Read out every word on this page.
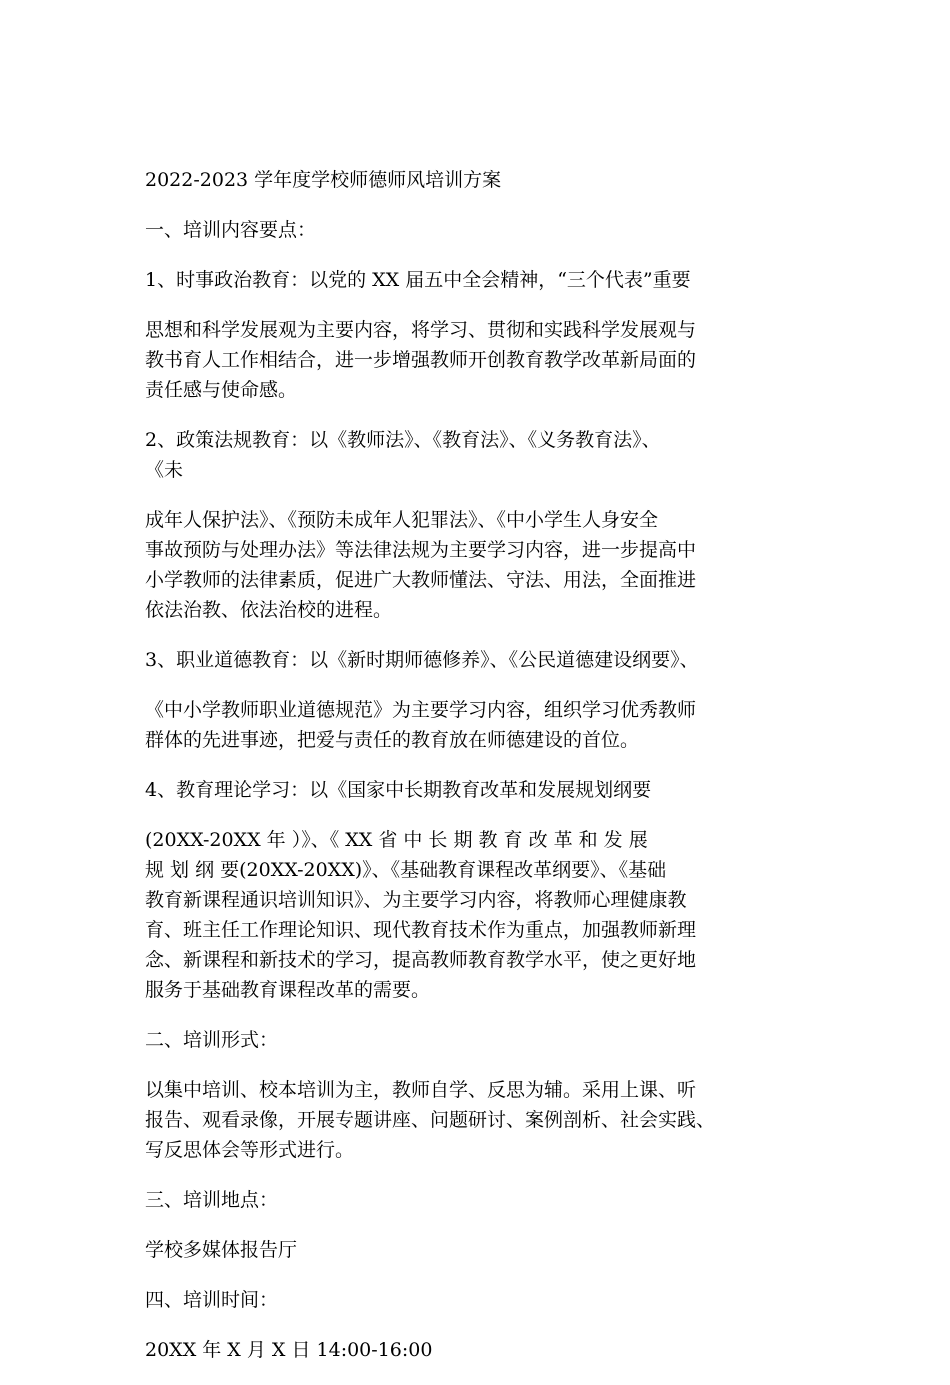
2022-2023 学年度学校师德师风培训方案

一、培训内容要点：

1、时事政治教育：以党的 XX 届五中全会精神，“三个代表”重要

思想和科学发展观为主要内容，将学习、贯彻和实践科学发展观与
教书育人工作相结合，进一步增强教师开创教育教学改革新局面的
责任感与使命感。

2、政策法规教育：以《教师法》、《教育法》、《义务教育法》、
《未

成年人保护法》、《预防未成年人犯罪法》、《中小学生人身安全
事故预防与处理办法》等法律法规为主要学习内容，进一步提高中
小学教师的法律素质，促进广大教师懂法、守法、用法，全面推进
依法治教、依法治校的进程。

3、职业道德教育：以《新时期师德修养》、《公民道德建设纲要》、

《中小学教师职业道德规范》为主要学习内容，组织学习优秀教师
群体的先进事迹，把爱与责任的教育放在师德建设的首位。

4、教育理论学习：以《国家中长期教育改革和发展规划纲要

(20XX-20XX 年 ）》、《 XX 省 中 长 期 教 育 改 革 和 发 展
规 划 纲 要(20XX-20XX)》、《基础教育课程改革纲要》、《基础
教育新课程通识培训知识》、为主要学习内容，将教师心理健康教
育、班主任工作理论知识、现代教育技术作为重点，加强教师新理
念、新课程和新技术的学习，提高教师教育教学水平，使之更好地
服务于基础教育课程改革的需要。

二、培训形式：

以集中培训、校本培训为主，教师自学、反思为辅。采用上课、听
报告、观看录像，开展专题讲座、问题研讨、案例剖析、社会实践、
写反思体会等形式进行。

三、培训地点：

学校多媒体报告厅

四、培训时间：

20XX 年 X 月 X 日 14:00-16:00
